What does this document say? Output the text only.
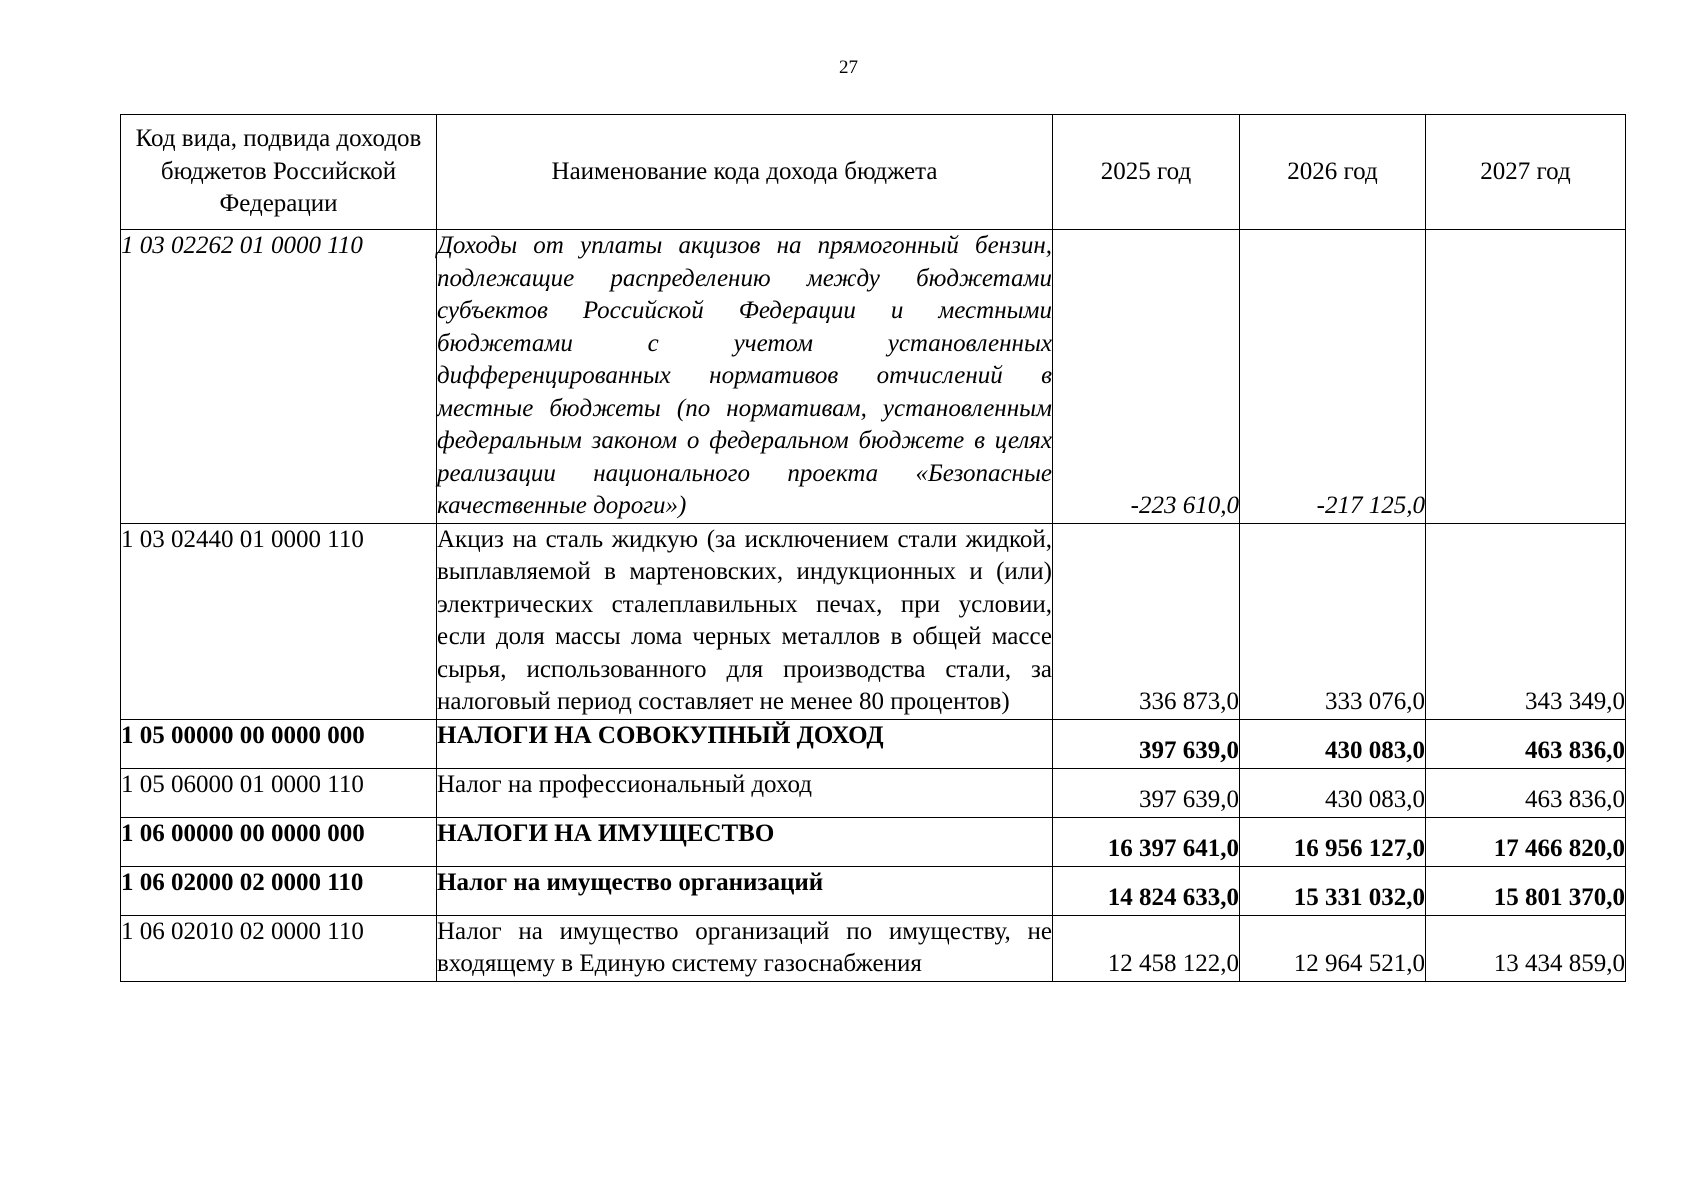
27
Код вида, подвида доходов бюджетов Российской Федерации	Наименование кода дохода бюджета	2025 год	2026 год	2027 год
1 03 02262 01 0000 110	Доходы от уплаты акцизов на прямогонный бензин, подлежащие распределению между бюджетами субъектов Российской Федерации и местными бюджетами с учетом установленных дифференцированных нормативов отчислений в местные бюджеты (по нормативам, установленным федеральным законом о федеральном бюджете в целях реализации национального проекта «Безопасные качественные дороги»)	-223 610,0	-217 125,0	
1 03 02440 01 0000 110	Акциз на сталь жидкую (за исключением стали жидкой, выплавляемой в мартеновских, индукционных и (или) электрических сталеплавильных печах, при условии, если доля массы лома черных металлов в общей массе сырья, использованного для производства стали, за налоговый период составляет не менее 80 процентов)	336 873,0	333 076,0	343 349,0
1 05 00000 00 0000 000	НАЛОГИ НА СОВОКУПНЫЙ ДОХОД	397 639,0	430 083,0	463 836,0
1 05 06000 01 0000 110	Налог на профессиональный доход	397 639,0	430 083,0	463 836,0
1 06 00000 00 0000 000	НАЛОГИ НА ИМУЩЕСТВО	16 397 641,0	16 956 127,0	17 466 820,0
1 06 02000 02 0000 110	Налог на имущество организаций	14 824 633,0	15 331 032,0	15 801 370,0
1 06 02010 02 0000 110	Налог на имущество организаций по имуществу, не входящему в Единую систему газоснабжения	12 458 122,0	12 964 521,0	13 434 859,0
